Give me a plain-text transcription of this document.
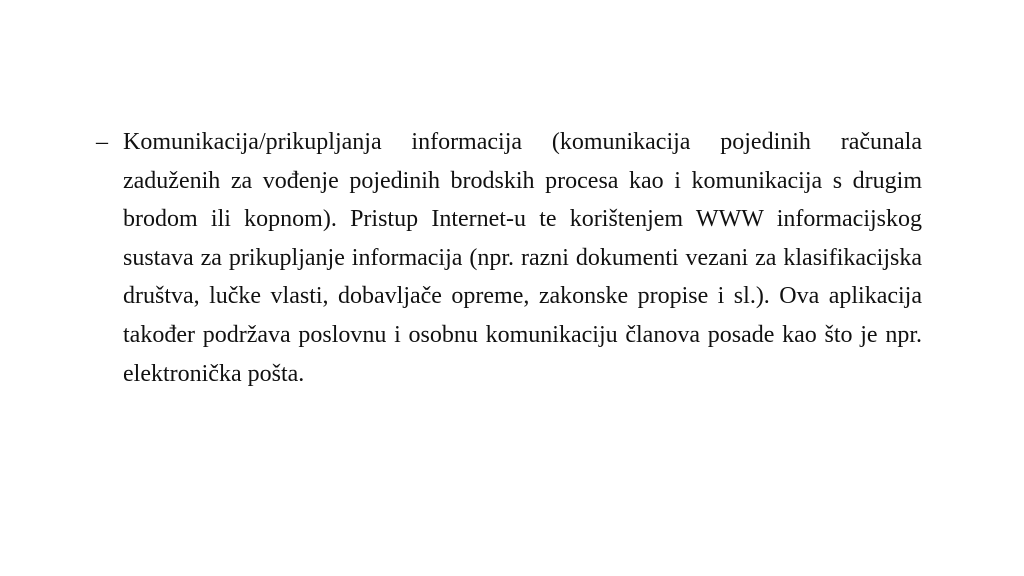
– Komunikacija/prikupljanja informacija (komunikacija pojedinih računala zaduženih za vođenje pojedinih brodskih procesa kao i komunikacija s drugim brodom ili kopnom). Pristup Internet-u te korištenjem WWW informacijskog sustava za prikupljanje informacija (npr. razni dokumenti vezani za klasifikacijska društva, lučke vlasti, dobavljače opreme, zakonske propise i sl.). Ova aplikacija također podržava poslovnu i osobnu komunikaciju članova posade kao što je npr. elektronička pošta.
